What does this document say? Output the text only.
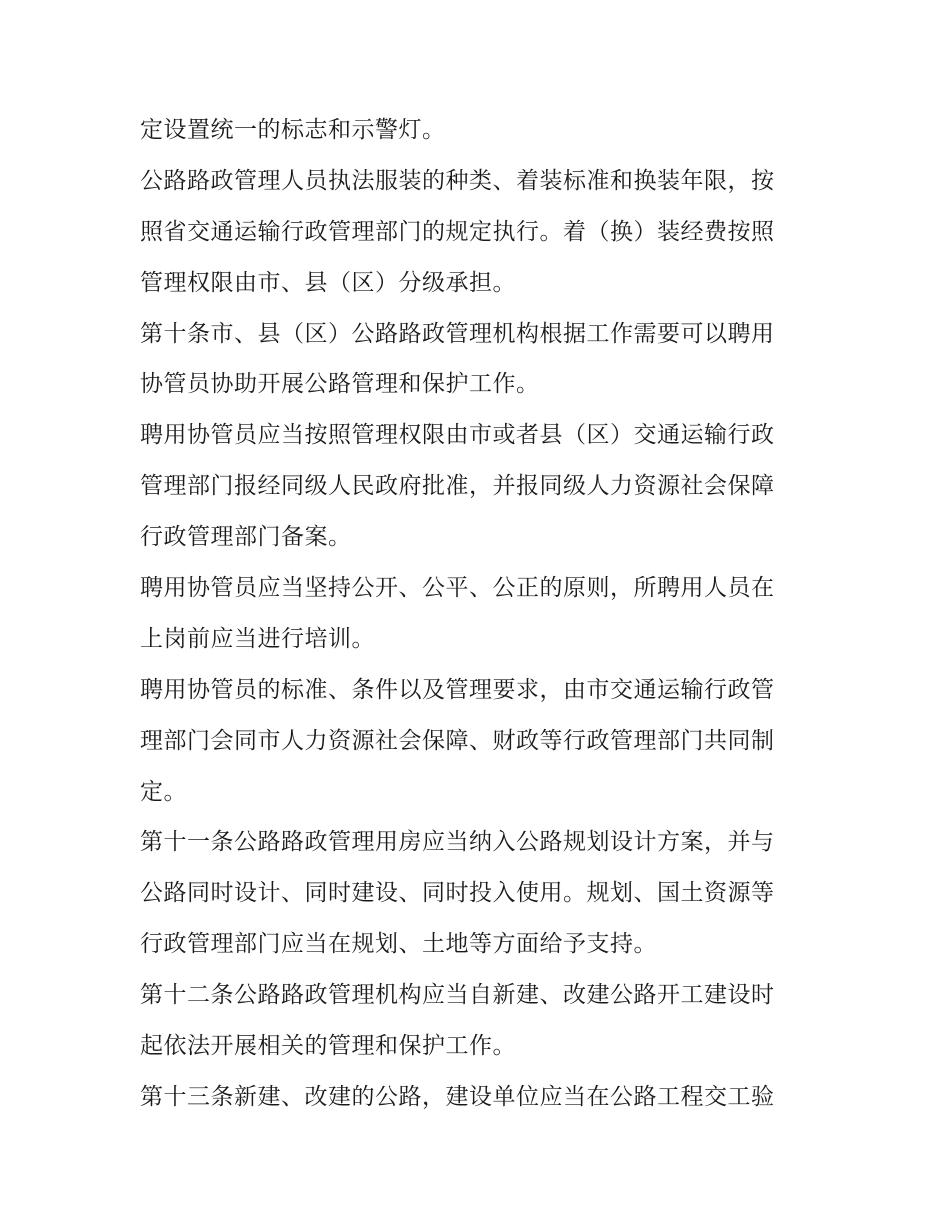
定设置统一的标志和示警灯。
公路路政管理人员执法服装的种类、着装标准和换装年限，按
照省交通运输行政管理部门的规定执行。着（换）装经费按照
管理权限由市、县（区）分级承担。
第十条市、县（区）公路路政管理机构根据工作需要可以聘用
协管员协助开展公路管理和保护工作。
聘用协管员应当按照管理权限由市或者县（区）交通运输行政
管理部门报经同级人民政府批准，并报同级人力资源社会保障
行政管理部门备案。
聘用协管员应当坚持公开、公平、公正的原则，所聘用人员在
上岗前应当进行培训。
聘用协管员的标准、条件以及管理要求，由市交通运输行政管
理部门会同市人力资源社会保障、财政等行政管理部门共同制
定。
第十一条公路路政管理用房应当纳入公路规划设计方案，并与
公路同时设计、同时建设、同时投入使用。规划、国土资源等
行政管理部门应当在规划、土地等方面给予支持。
第十二条公路路政管理机构应当自新建、改建公路开工建设时
起依法开展相关的管理和保护工作。
第十三条新建、改建的公路，建设单位应当在公路工程交工验
